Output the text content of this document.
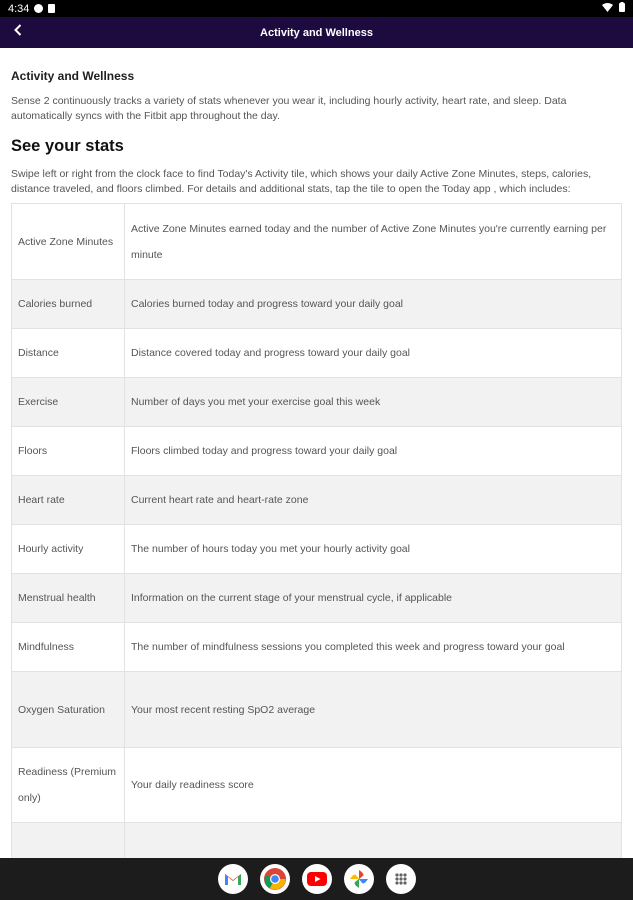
4:34
Activity and Wellness
Activity and Wellness

Sense 2 continuously tracks a variety of stats whenever you wear it, including hourly activity, heart rate, and sleep. Data automatically syncs with the Fitbit app throughout the day.

See your stats

Swipe left or right from the clock face to find Today's Activity tile, which shows your daily Active Zone Minutes, steps, calories, distance traveled, and floors climbed. For details and additional stats, tap the tile to open the Today app , which includes:

Active Zone Minutes	Active Zone Minutes earned today and the number of Active Zone Minutes you're currently earning per minute
Calories burned	Calories burned today and progress toward your daily goal
Distance	Distance covered today and progress toward your daily goal
Exercise	Number of days you met your exercise goal this week
Floors	Floors climbed today and progress toward your daily goal
Heart rate	Current heart rate and heart-rate zone
Hourly activity	The number of hours today you met your hourly activity goal
Menstrual health	Information on the current stage of your menstrual cycle, if applicable
Mindfulness	The number of mindfulness sessions you completed this week and progress toward your goal
Oxygen Saturation	Your most recent resting SpO2 average
Readiness (Premium only)	Your daily readiness score
